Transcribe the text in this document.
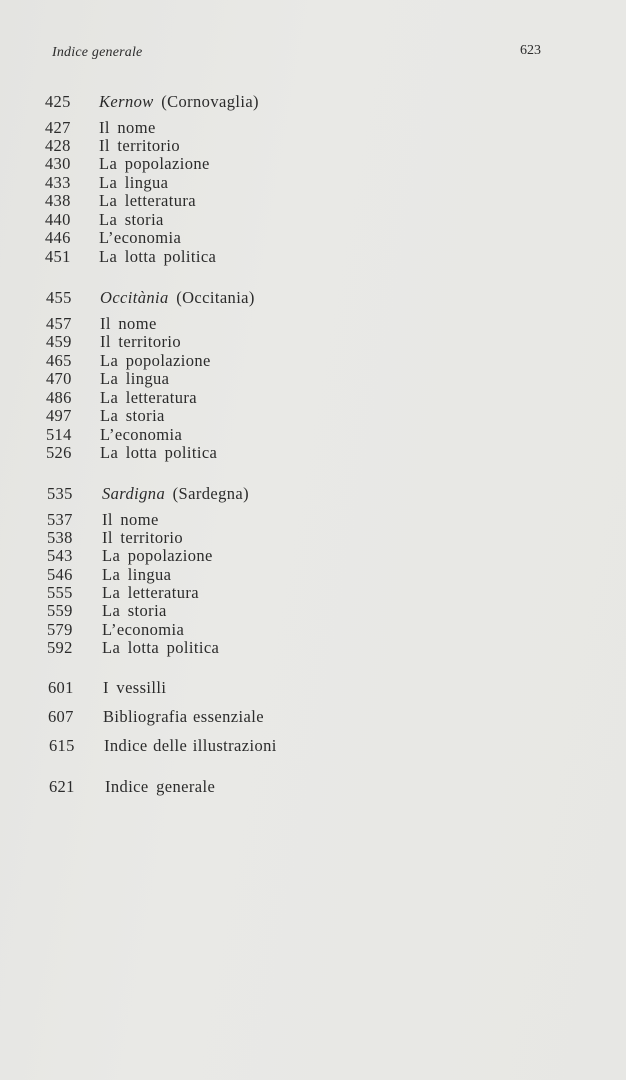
Indice generale	623
425 Kernow (Cornovaglia)
427 Il nome
428 Il territorio
430 La popolazione
433 La lingua
438 La letteratura
440 La storia
446 L’economia
451 La lotta politica
455 Occitània (Occitania)
457 Il nome
459 Il territorio
465 La popolazione
470 La lingua
486 La letteratura
497 La storia
514 L’economia
526 La lotta politica
535 Sardigna (Sardegna)
537 Il nome
538 Il territorio
543 La popolazione
546 La lingua
555 La letteratura
559 La storia
579 L’economia
592 La lotta politica
601 I vessilli
607 Bibliografia essenziale
615 Indice delle illustrazioni
621 Indice generale
